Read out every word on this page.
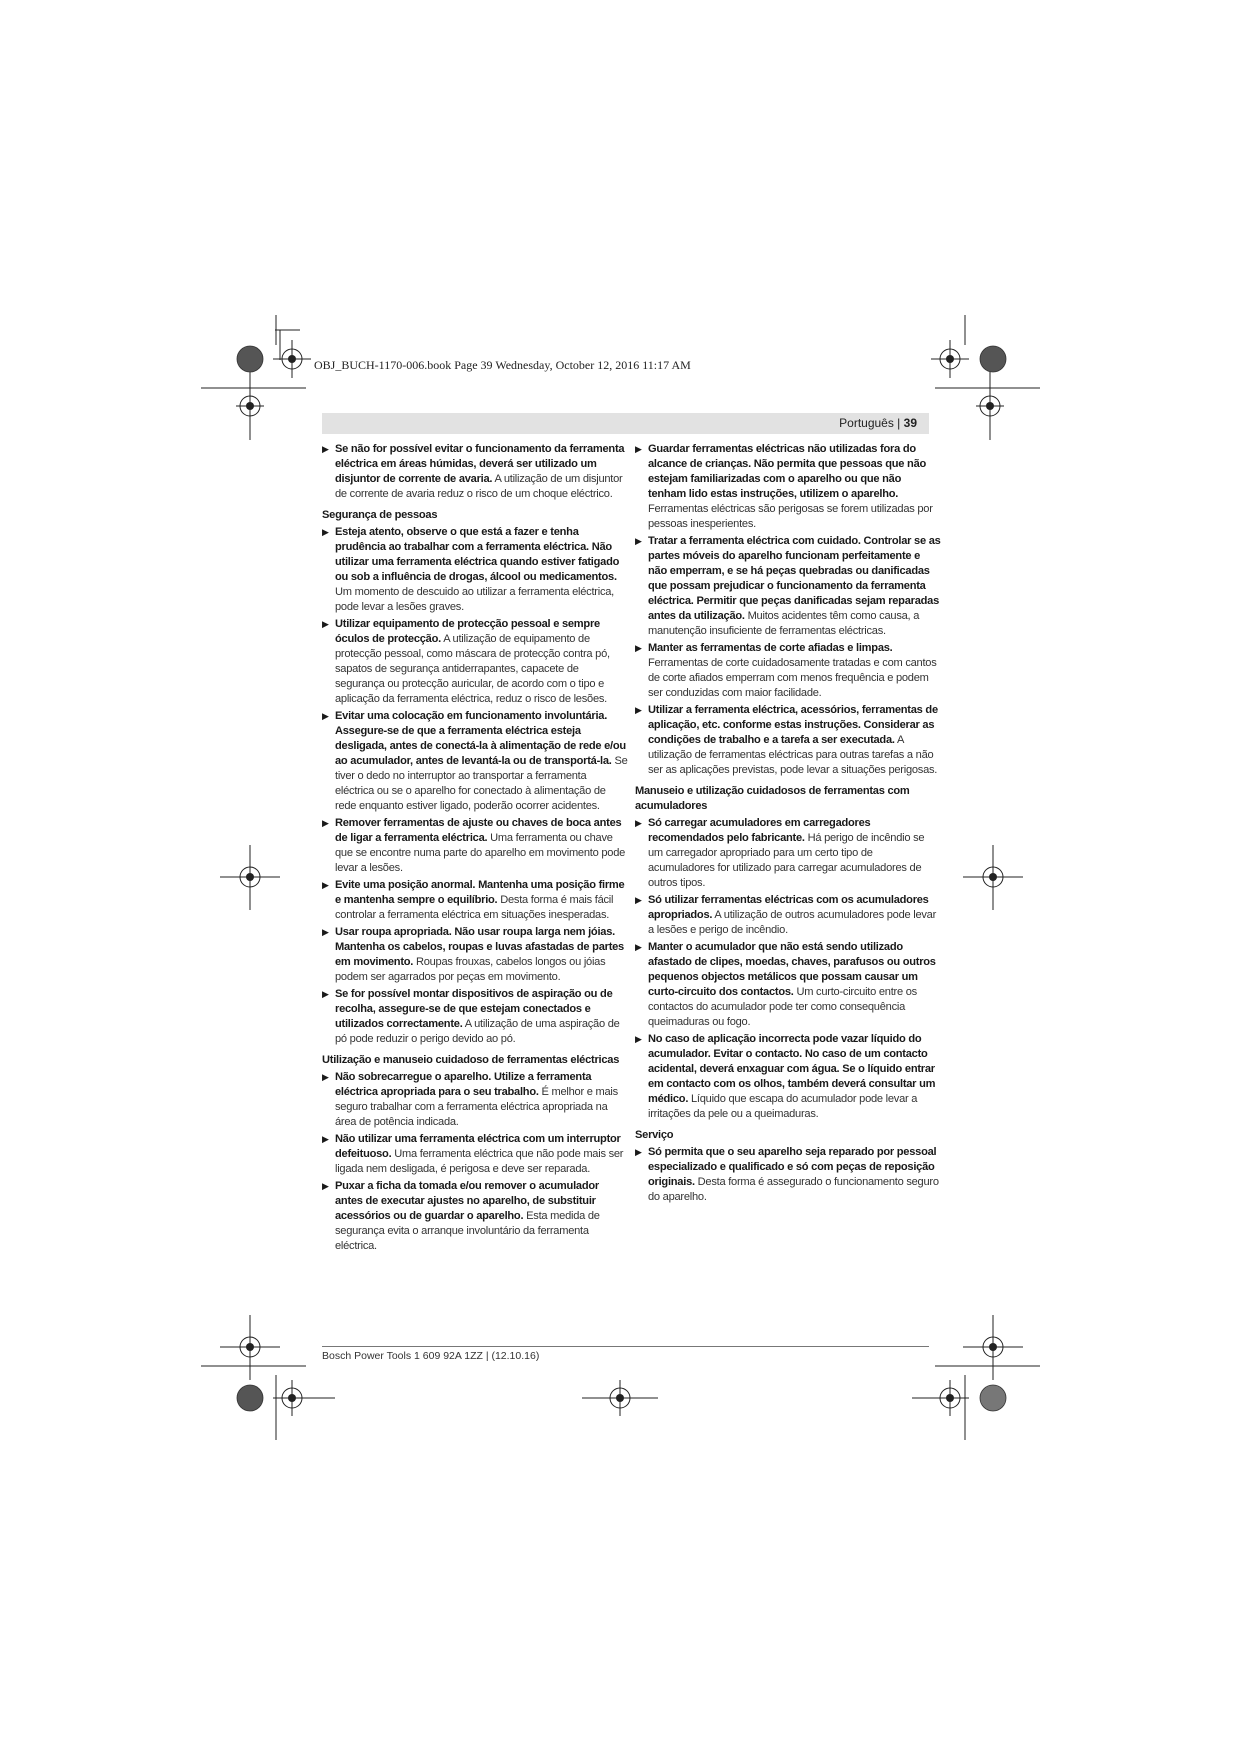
OBJ_BUCH-1170-006.book Page 39 Wednesday, October 12, 2016 11:17 AM
Português | 39
▶ Se não for possível evitar o funcionamento da ferramenta eléctrica em áreas húmidas, deverá ser utilizado um disjuntor de corrente de avaria. A utilização de um disjuntor de corrente de avaria reduz o risco de um choque eléctrico.
Segurança de pessoas
▶ Esteja atento, observe o que está a fazer e tenha prudência ao trabalhar com a ferramenta eléctrica. Não utilizar uma ferramenta eléctrica quando estiver fatigado ou sob a influência de drogas, álcool ou medicamentos. Um momento de descuido ao utilizar a ferramenta eléctrica, pode levar a lesões graves.
▶ Utilizar equipamento de protecção pessoal e sempre óculos de protecção. A utilização de equipamento de protecção pessoal, como máscara de protecção contra pó, sapatos de segurança antiderrapantes, capacete de segurança ou protecção auricular, de acordo com o tipo e aplicação da ferramenta eléctrica, reduz o risco de lesões.
▶ Evitar uma colocação em funcionamento involuntária. Assegure-se de que a ferramenta eléctrica esteja desligada, antes de conectá-la à alimentação de rede e/ou ao acumulador, antes de levantá-la ou de transportá-la. Se tiver o dedo no interruptor ao transportar a ferramenta eléctrica ou se o aparelho for conectado à alimentação de rede enquanto estiver ligado, poderão ocorrer acidentes.
▶ Remover ferramentas de ajuste ou chaves de boca antes de ligar a ferramenta eléctrica. Uma ferramenta ou chave que se encontre numa parte do aparelho em movimento pode levar a lesões.
▶ Evite uma posição anormal. Mantenha uma posição firme e mantenha sempre o equilíbrio. Desta forma é mais fácil controlar a ferramenta eléctrica em situações inesperadas.
▶ Usar roupa apropriada. Não usar roupa larga nem jóias. Mantenha os cabelos, roupas e luvas afastadas de partes em movimento. Roupas frouxas, cabelos longos ou jóias podem ser agarrados por peças em movimento.
▶ Se for possível montar dispositivos de aspiração ou de recolha, assegure-se de que estejam conectados e utilizados correctamente. A utilização de uma aspiração de pó pode reduzir o perigo devido ao pó.
Utilização e manuseio cuidadoso de ferramentas eléctricas
▶ Não sobrecarregue o aparelho. Utilize a ferramenta eléctrica apropriada para o seu trabalho. É melhor e mais seguro trabalhar com a ferramenta eléctrica apropriada na área de potência indicada.
▶ Não utilizar uma ferramenta eléctrica com um interruptor defeituoso. Uma ferramenta eléctrica que não pode mais ser ligada nem desligada, é perigosa e deve ser reparada.
▶ Puxar a ficha da tomada e/ou remover o acumulador antes de executar ajustes no aparelho, de substituir acessórios ou de guardar o aparelho. Esta medida de segurança evita o arranque involuntário da ferramenta eléctrica.
▶ Guardar ferramentas eléctricas não utilizadas fora do alcance de crianças. Não permita que pessoas que não estejam familiarizadas com o aparelho ou que não tenham lido estas instruções, utilizem o aparelho. Ferramentas eléctricas são perigosas se forem utilizadas por pessoas inesperientes.
▶ Tratar a ferramenta eléctrica com cuidado. Controlar se as partes móveis do aparelho funcionam perfeitamente e não emperram, e se há peças quebradas ou danificadas que possam prejudicar o funcionamento da ferramenta eléctrica. Permitir que peças danificadas sejam reparadas antes da utilização. Muitos acidentes têm como causa, a manutenção insuficiente de ferramentas eléctricas.
▶ Manter as ferramentas de corte afiadas e limpas. Ferramentas de corte cuidadosamente tratadas e com cantos de corte afiados emperram com menos frequência e podem ser conduzidas com maior facilidade.
▶ Utilizar a ferramenta eléctrica, acessórios, ferramentas de aplicação, etc. conforme estas instruções. Considerar as condições de trabalho e a tarefa a ser executada. A utilização de ferramentas eléctricas para outras tarefas a não ser as aplicações previstas, pode levar a situações perigosas.
Manuseio e utilização cuidadosos de ferramentas com acumuladores
▶ Só carregar acumuladores em carregadores recomendados pelo fabricante. Há perigo de incêndio se um carregador apropriado para um certo tipo de acumuladores for utilizado para carregar acumuladores de outros tipos.
▶ Só utilizar ferramentas eléctricas com os acumuladores apropriados. A utilização de outros acumuladores pode levar a lesões e perigo de incêndio.
▶ Manter o acumulador que não está sendo utilizado afastado de clipes, moedas, chaves, parafusos ou outros pequenos objectos metálicos que possam causar um curto-circuito dos contactos. Um curto-circuito entre os contactos do acumulador pode ter como consequência queimaduras ou fogo.
▶ No caso de aplicação incorrecta pode vazar líquido do acumulador. Evitar o contacto. No caso de um contacto acidental, deverá enxaguar com água. Se o líquido entrar em contacto com os olhos, também deverá consultar um médico. Líquido que escapa do acumulador pode levar a irritações da pele ou a queimaduras.
Serviço
▶ Só permita que o seu aparelho seja reparado por pessoal especializado e qualificado e só com peças de reposição originais. Desta forma é assegurado o funcionamento seguro do aparelho.
Bosch Power Tools 1 609 92A 1ZZ | (12.10.16)
